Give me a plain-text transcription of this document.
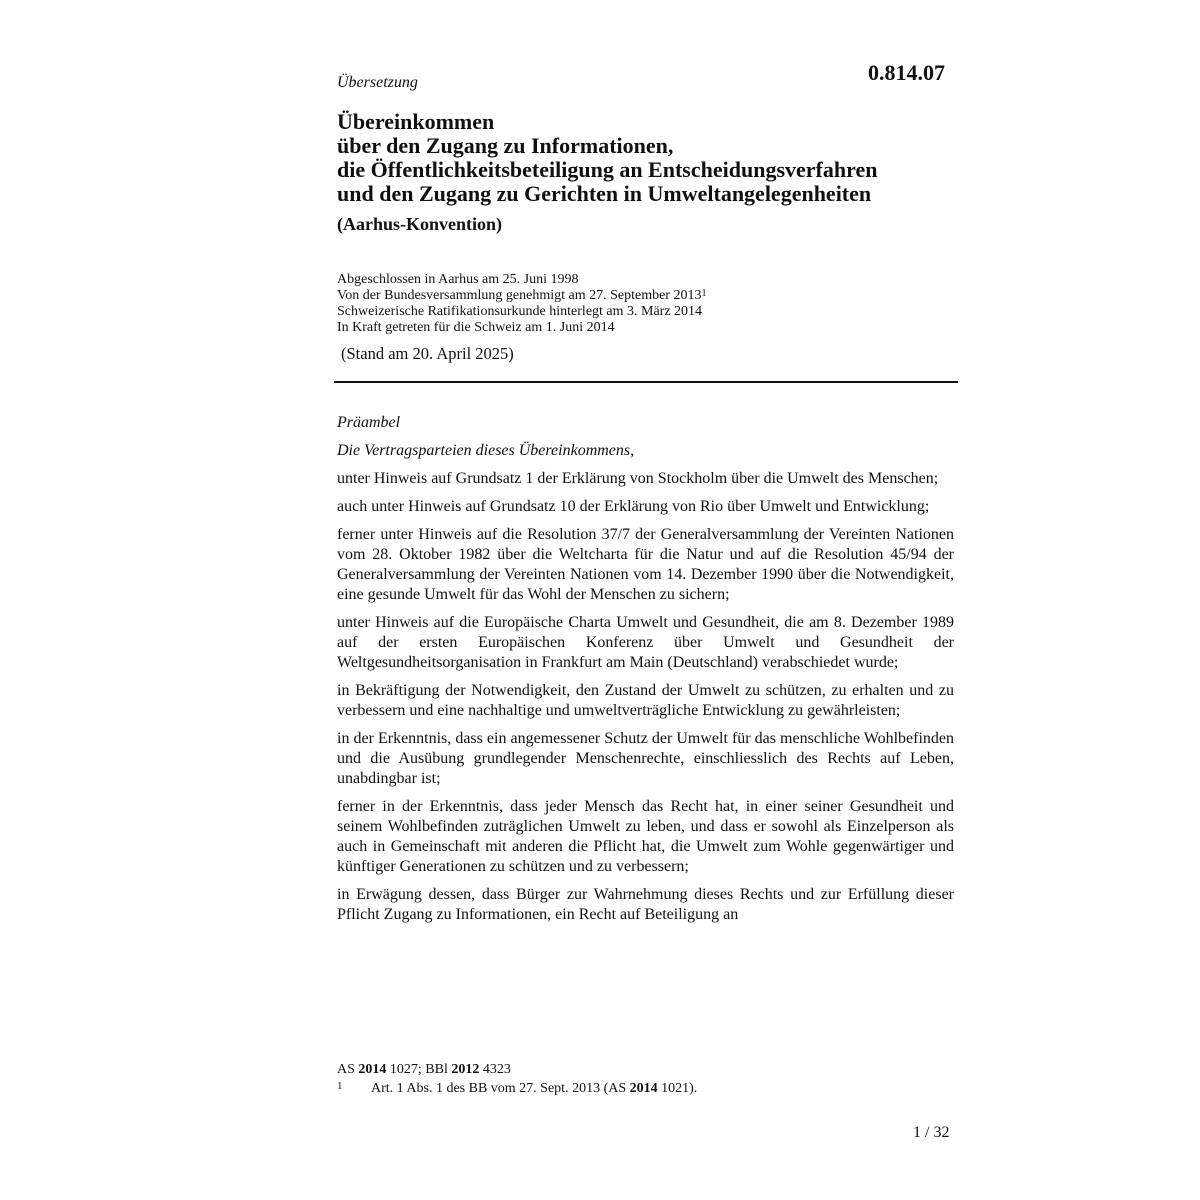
0.814.07
Übersetzung
Übereinkommen
über den Zugang zu Informationen,
die Öffentlichkeitsbeteiligung an Entscheidungsverfahren
und den Zugang zu Gerichten in Umweltangelegenheiten
(Aarhus-Konvention)
Abgeschlossen in Aarhus am 25. Juni 1998
Von der Bundesversammlung genehmigt am 27. September 2013$^1$
Schweizerische Ratifikationsurkunde hinterlegt am 3. März 2014
In Kraft getreten für die Schweiz am 1. Juni 2014
(Stand am 20. April 2025)
Präambel
Die Vertragsparteien dieses Übereinkommens,

unter Hinweis auf Grundsatz 1 der Erklärung von Stockholm über die Umwelt des Menschen;

auch unter Hinweis auf Grundsatz 10 der Erklärung von Rio über Umwelt und Entwicklung;

ferner unter Hinweis auf die Resolution 37/7 der Generalversammlung der Vereinten Nationen vom 28. Oktober 1982 über die Weltcharta für die Natur und auf die Resolution 45/94 der Generalversammlung der Vereinten Nationen vom 14. Dezember 1990 über die Notwendigkeit, eine gesunde Umwelt für das Wohl der Menschen zu sichern;

unter Hinweis auf die Europäische Charta Umwelt und Gesundheit, die am 8. Dezember 1989 auf der ersten Europäischen Konferenz über Umwelt und Gesundheit der Weltgesundheitsorganisation in Frankfurt am Main (Deutschland) verabschiedet wurde;

in Bekräftigung der Notwendigkeit, den Zustand der Umwelt zu schützen, zu erhalten und zu verbessern und eine nachhaltige und umweltverträgliche Entwicklung zu gewährleisten;

in der Erkenntnis, dass ein angemessener Schutz der Umwelt für das menschliche Wohlbefinden und die Ausübung grundlegender Menschenrechte, einschliesslich des Rechts auf Leben, unabdingbar ist;

ferner in der Erkenntnis, dass jeder Mensch das Recht hat, in einer seiner Gesundheit und seinem Wohlbefinden zuträglichen Umwelt zu leben, und dass er sowohl als Einzelperson als auch in Gemeinschaft mit anderen die Pflicht hat, die Umwelt zum Wohle gegenwärtiger und künftiger Generationen zu schützen und zu verbessern;

in Erwägung dessen, dass Bürger zur Wahrnehmung dieses Rechts und zur Erfüllung dieser Pflicht Zugang zu Informationen, ein Recht auf Beteiligung an

AS 2014 1027; BBl 2012 4323
1	Art. 1 Abs. 1 des BB vom 27. Sept. 2013 (AS 2014 1021).
1 / 32
